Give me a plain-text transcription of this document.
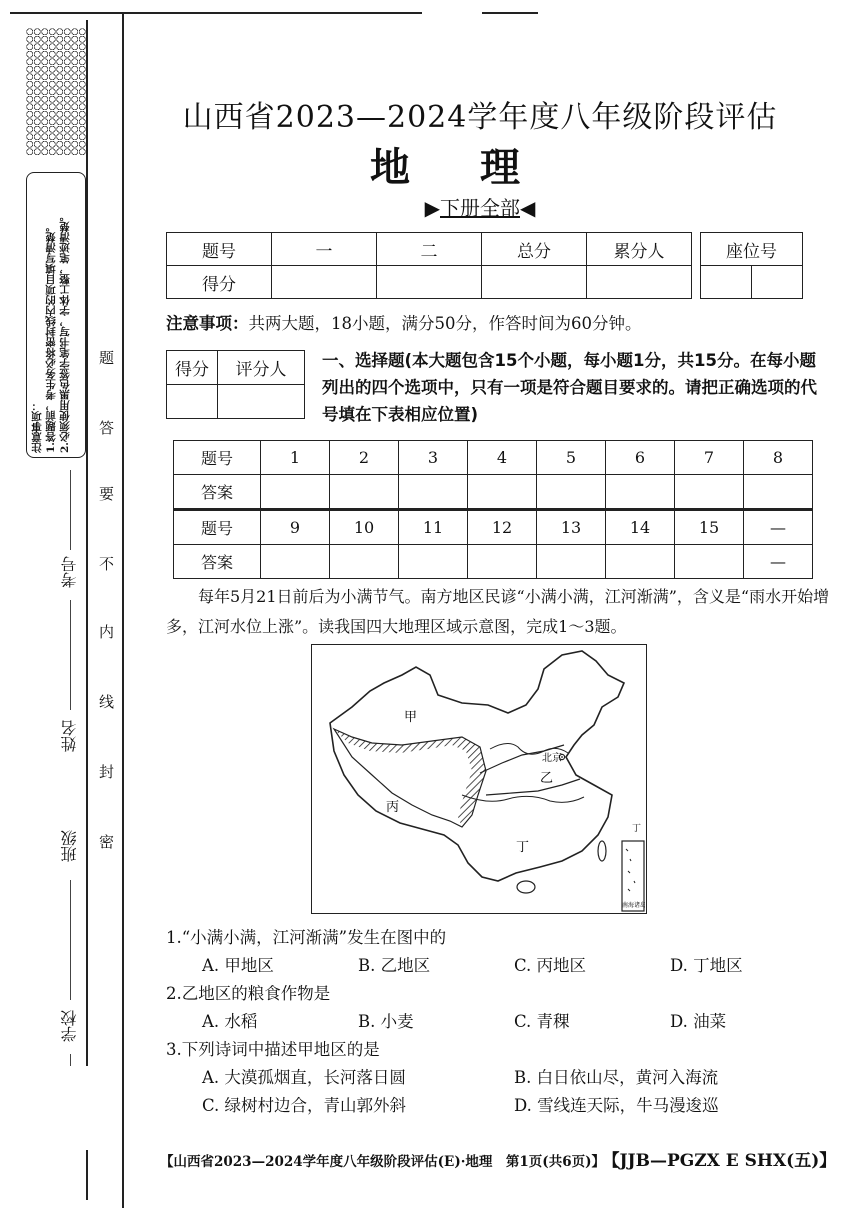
注意事项： 1.答题前，考生务必将密封线内的项目填写清楚。 2.必须使用黑色签字笔书写，字体工整，笔迹清楚。 题
答
要
不
内
线
封
密
考号
姓名
班级
学校
山西省2023—2024学年度八年级阶段评估
地理
▶下册全部◀
题号	一	二	总分	累分人
得分				
座位号

注意事项：共两大题，18小题，满分50分，作答时间为60分钟。
得分	评分人
	一、选择题(本大题包含15个小题，每小题1分，共15分。在每小题列出的四个选项中，只有一项是符合题目要求的。请把正确选项的代号填在下表相应位置)
题号	1	2	3	4	5	6	7	8
答案								
题号	9	10	11	12	13	14	15	—
答案								—
每年5月21日前后为小满节气。南方地区民谚“小满小满，江河渐满”，含义是“雨水开始增多，江河水位上涨”。读我国四大地理区域示意图，完成1～3题。
甲
乙
丙
丁
北京
丁
南海诸岛
1.“小满小满，江河渐满”发生在图中的
A. 甲地区	B. 乙地区	C. 丙地区	D. 丁地区
2.乙地区的粮食作物是
A. 水稻	B. 小麦	C. 青稞	D. 油菜
3.下列诗词中描述甲地区的是
A. 大漠孤烟直，长河落日圆	B. 白日依山尽，黄河入海流
C. 绿树村边合，青山郭外斜	D. 雪线连天际，牛马漫逡巡
【山西省2023—2024学年度八年级阶段评估(E)·地理　第1页(共6页)】 【JJB—PGZX E SHX(五)】
